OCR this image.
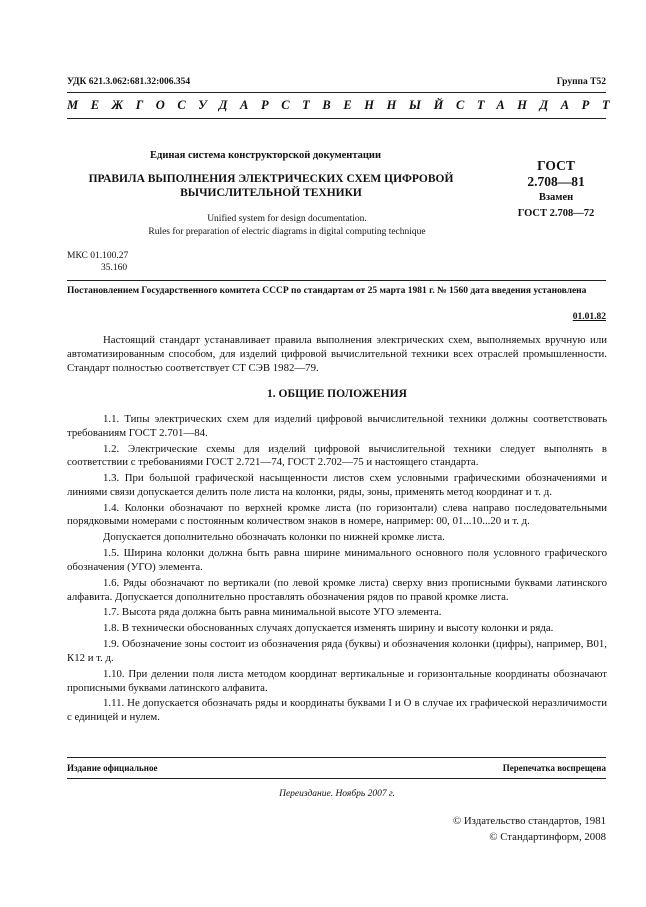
УДК 621.3.062:681.32:006.354	Группа Т52
МЕЖГОСУДАРСТВЕННЫЙ СТАНДАРТ
Единая система конструкторской документации
ПРАВИЛА ВЫПОЛНЕНИЯ ЭЛЕКТРИЧЕСКИХ СХЕМ ЦИФРОВОЙ
ВЫЧИСЛИТЕЛЬНОЙ ТЕХНИКИ
Unified system for design documentation.
Rules for preparation of electric diagrams in digital computing technique
ГОСТ
2.708—81
Взамен
ГОСТ 2.708—72
МКС 01.100.27
35.160
Постановлением Государственного комитета СССР по стандартам от 25 марта 1981 г. № 1560 дата введения установлена
01.01.82
Настоящий стандарт устанавливает правила выполнения электрических схем, выполняемых вручную или автоматизированным способом, для изделий цифровой вычислительной техники всех отраслей промышленности. Стандарт полностью соответствует СТ СЭВ 1982—79.
1. ОБЩИЕ ПОЛОЖЕНИЯ

1.1. Типы электрических схем для изделий цифровой вычислительной техники должны соответствовать требованиям ГОСТ 2.701—84.

1.2. Электрические схемы для изделий цифровой вычислительной техники следует выполнять в соответствии с требованиями ГОСТ 2.721—74, ГОСТ 2.702—75 и настоящего стандарта.

1.3. При большой графической насыщенности листов схем условными графическими обозначениями и линиями связи допускается делить поле листа на колонки, ряды, зоны, применять метод координат и т. д.

1.4. Колонки обозначают по верхней кромке листа (по горизонтали) слева направо последовательными порядковыми номерами с постоянным количеством знаков в номере, например: 00, 01...10...20 и т. д.

Допускается дополнительно обозначать колонки по нижней кромке листа.

1.5. Ширина колонки должна быть равна ширине минимального основного поля условного графического обозначения (УГО) элемента.

1.6. Ряды обозначают по вертикали (по левой кромке листа) сверху вниз прописными буквами латинского алфавита. Допускается дополнительно проставлять обозначения рядов по правой кромке листа.

1.7. Высота ряда должна быть равна минимальной высоте УГО элемента.

1.8. В технически обоснованных случаях допускается изменять ширину и высоту колонки и ряда.

1.9. Обозначение зоны состоит из обозначения ряда (буквы) и обозначения колонки (цифры), например, В01, К12 и т. д.

1.10. При делении поля листа методом координат вертикальные и горизонтальные координаты обозначают прописными буквами латинского алфавита.

1.11. Не допускается обозначать ряды и координаты буквами I и О в случае их графической неразличимости с единицей и нулем.

Издание официальное	Перепечатка воспрещена
Переиздание. Ноябрь 2007 г.
© Издательство стандартов, 1981
© Стандартинформ, 2008
